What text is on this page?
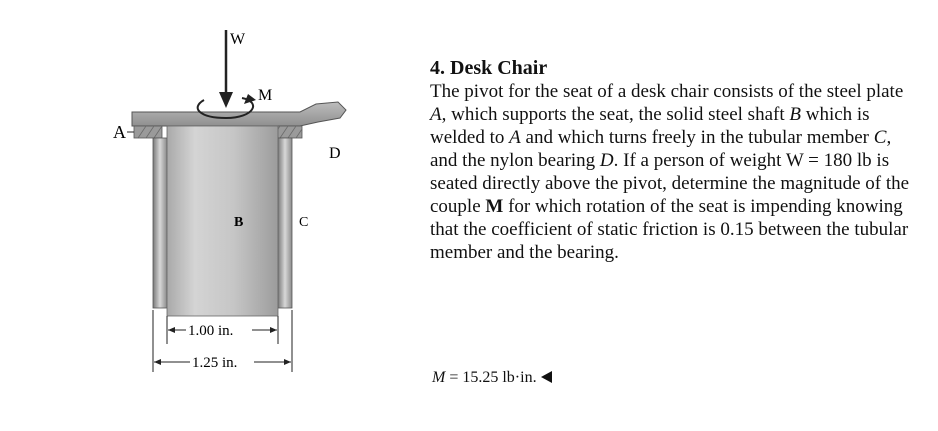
A
W
M
B	C
D
1.00 in.
1.25 in.

4. Desk Chair

The pivot for the seat of a desk chair consists of the steel plate A, which supports the seat, the solid steel shaft B which is welded to A and which turns freely in the tubular member C, and the nylon bearing D. If a person of weight W = 180 lb is seated directly above the pivot, determine the magnitude of the couple M for which rotation of the seat is impending knowing that the coefficient of static friction is 0.15 between the tubular member and the bearing.

M = 15.25 lb·in.
